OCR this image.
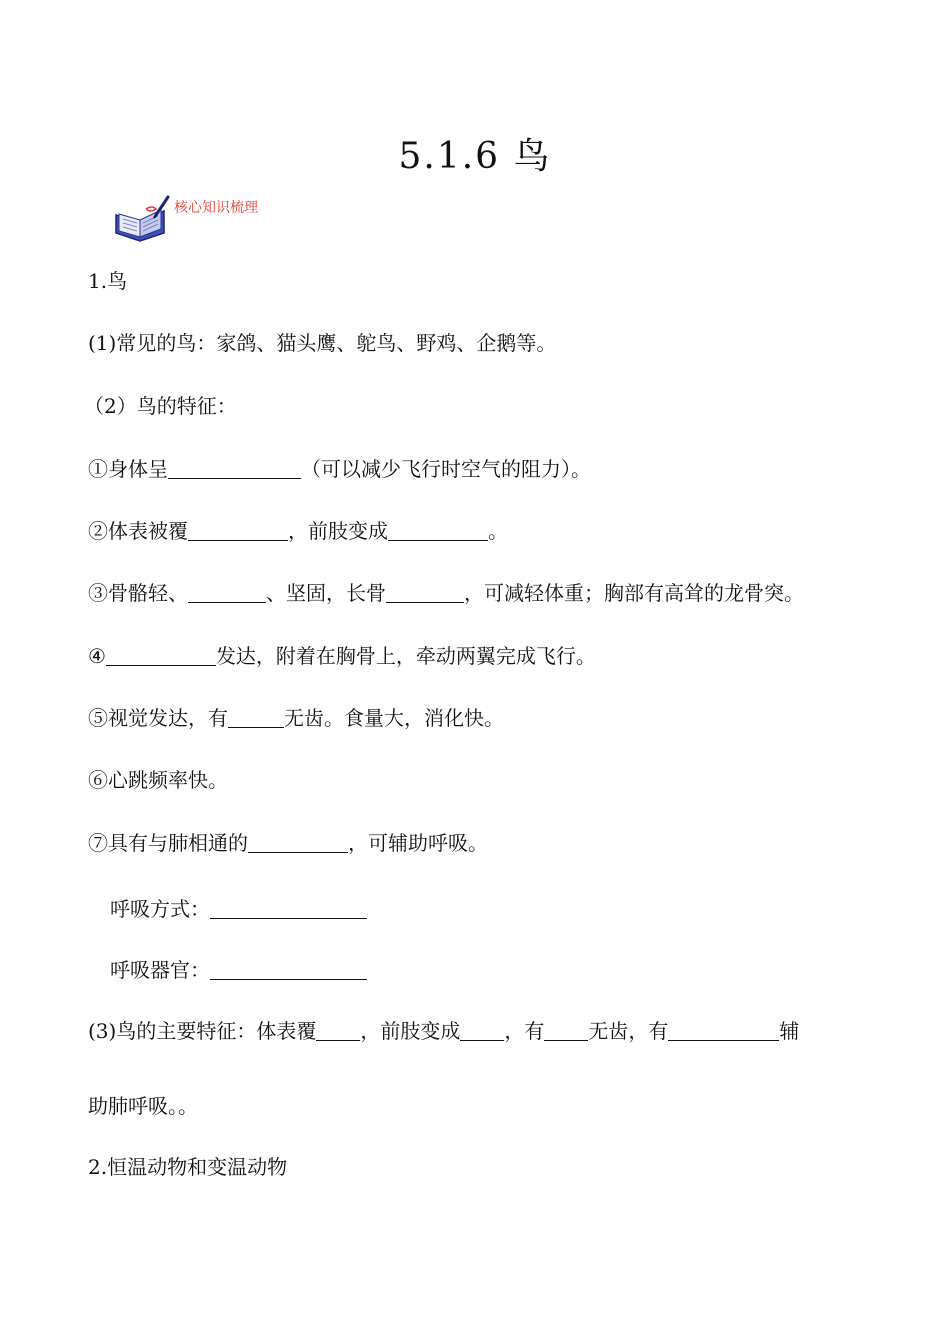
5.1.6 鸟
核心知识梳理

1.鸟

(1)常见的鸟：家鸽、猫头鹰、鸵鸟、野鸡、企鹅等。

（2）鸟的特征：

①身体呈	（可以减少飞行时空气的阻力）。

②体表被覆	，前肢变成	。

③骨骼轻、	、坚固，长骨	，可减轻体重；胸部有高耸的龙骨突。

④	发达，附着在胸骨上，牵动两翼完成飞行。

⑤视觉发达，有	无齿。食量大，消化快。

⑥心跳频率快。

⑦具有与肺相通的	，可辅助呼吸。

呼吸方式：

呼吸器官：

(3)鸟的主要特征：体表覆 ，前肢变成 ，有 无齿，有	辅

助肺呼吸。。

2.恒温动物和变温动物
